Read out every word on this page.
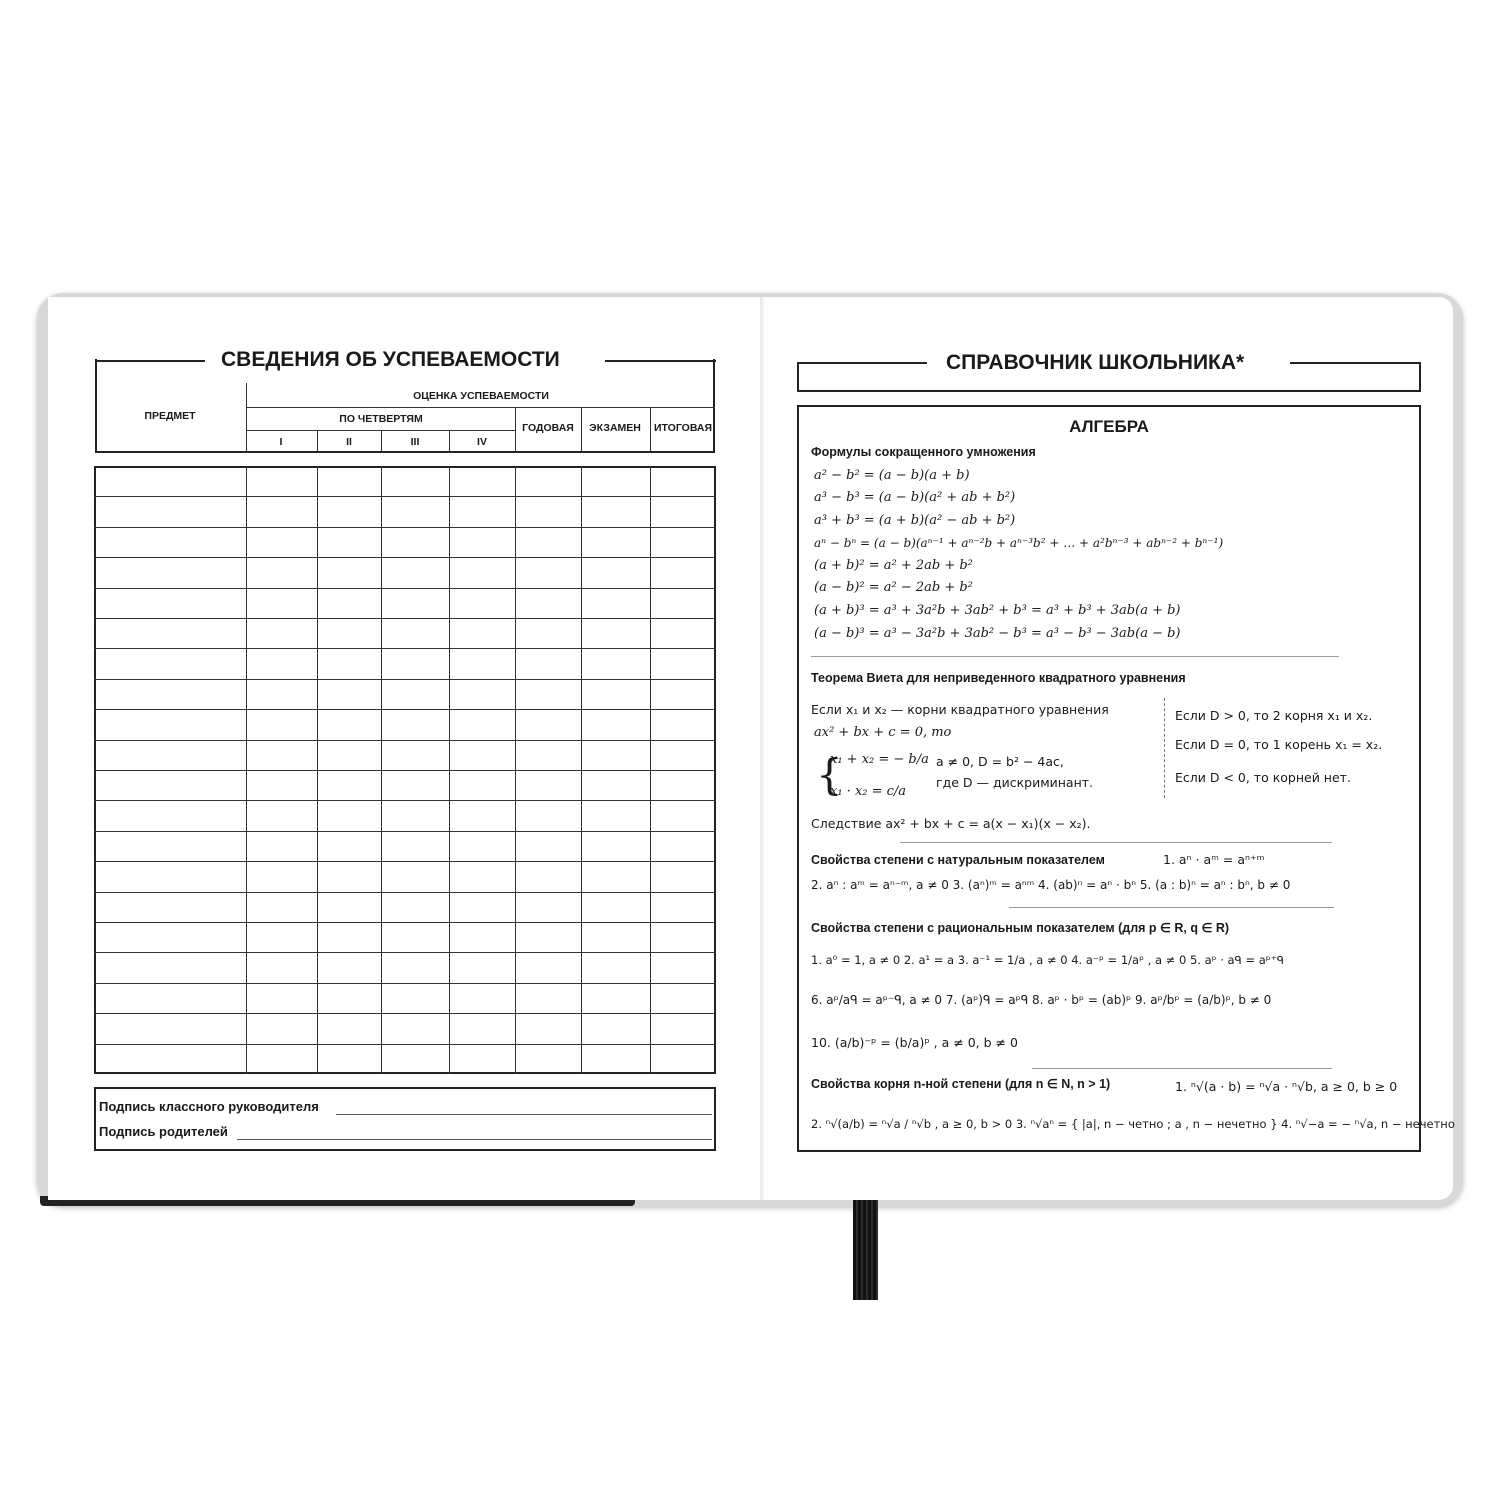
СВЕДЕНИЯ ОБ УСПЕВАЕМОСТИ
ПРЕДМЕТ
ОЦЕНКА УСПЕВАЕМОСТИ
ПО ЧЕТВЕРТЯМ
I	II	III	IV
ГОДОВАЯ ЭКЗАМЕН ИТОГОВАЯ
Подпись классного руководителя
Подпись родителей
СПРАВОЧНИК ШКОЛЬНИКА*
АЛГЕБРА
Формулы сокращенного умножения
a² − b² = (a − b)(a + b)
a³ − b³ = (a − b)(a² + ab + b²)
a³ + b³ = (a + b)(a² − ab + b²)
aⁿ − bⁿ = (a − b)(aⁿ⁻¹ + aⁿ⁻²b + aⁿ⁻³b² + … + a²bⁿ⁻³ + abⁿ⁻² + bⁿ⁻¹)
(a + b)² = a² + 2ab + b²
(a − b)² = a² − 2ab + b²
(a + b)³ = a³ + 3a²b + 3ab² + b³ = a³ + b³ + 3ab(a + b)
(a − b)³ = a³ − 3a²b + 3ab² − b³ = a³ − b³ − 3ab(a − b)
Теорема Виета для неприведенного квадратного уравнения
Если x₁ и x₂ — корни квадратного уравнения
ax² + bx + c = 0, то
{
x₁ + x₂ = − b/a
x₁ · x₂ = c/a
a ≠ 0, D = b² − 4ac,
где D — дискриминант.
Если D > 0, то 2 корня x₁ и x₂.
Если D = 0, то 1 корень x₁ = x₂.
Если D < 0, то корней нет.
Следствие ax² + bx + c = a(x − x₁)(x − x₂).
Свойства степени с натуральным показателем	1. aⁿ · aᵐ = aⁿ⁺ᵐ
2. aⁿ : aᵐ = aⁿ⁻ᵐ, a ≠ 0 3. (aⁿ)ᵐ = aⁿᵐ 4. (ab)ⁿ = aⁿ · bⁿ 5. (a : b)ⁿ = aⁿ : bⁿ, b ≠ 0
Свойства степени с рациональным показателем (для p ∈ R, q ∈ R)
1. a⁰ = 1, a ≠ 0 2. a¹ = a 3. a⁻¹ = 1/a , a ≠ 0 4. a⁻ᵖ = 1/aᵖ , a ≠ 0 5. aᵖ · aᑫ = aᵖ⁺ᑫ
6. aᵖ/aᑫ = aᵖ⁻ᑫ, a ≠ 0 7. (aᵖ)ᑫ = aᵖᑫ 8. aᵖ · bᵖ = (ab)ᵖ 9. aᵖ/bᵖ = (a/b)ᵖ, b ≠ 0
10. (a/b)⁻ᵖ = (b/a)ᵖ , a ≠ 0, b ≠ 0
Свойства корня n-ной степени (для n ∈ N, n > 1)	1. ⁿ√(a · b) = ⁿ√a · ⁿ√b, a ≥ 0, b ≥ 0
2. ⁿ√(a/b) = ⁿ√a / ⁿ√b , a ≥ 0, b > 0 3. ⁿ√aⁿ = { |a|, n − четно ; a , n − нечетно } 4. ⁿ√−a = − ⁿ√a, n − нечетно
